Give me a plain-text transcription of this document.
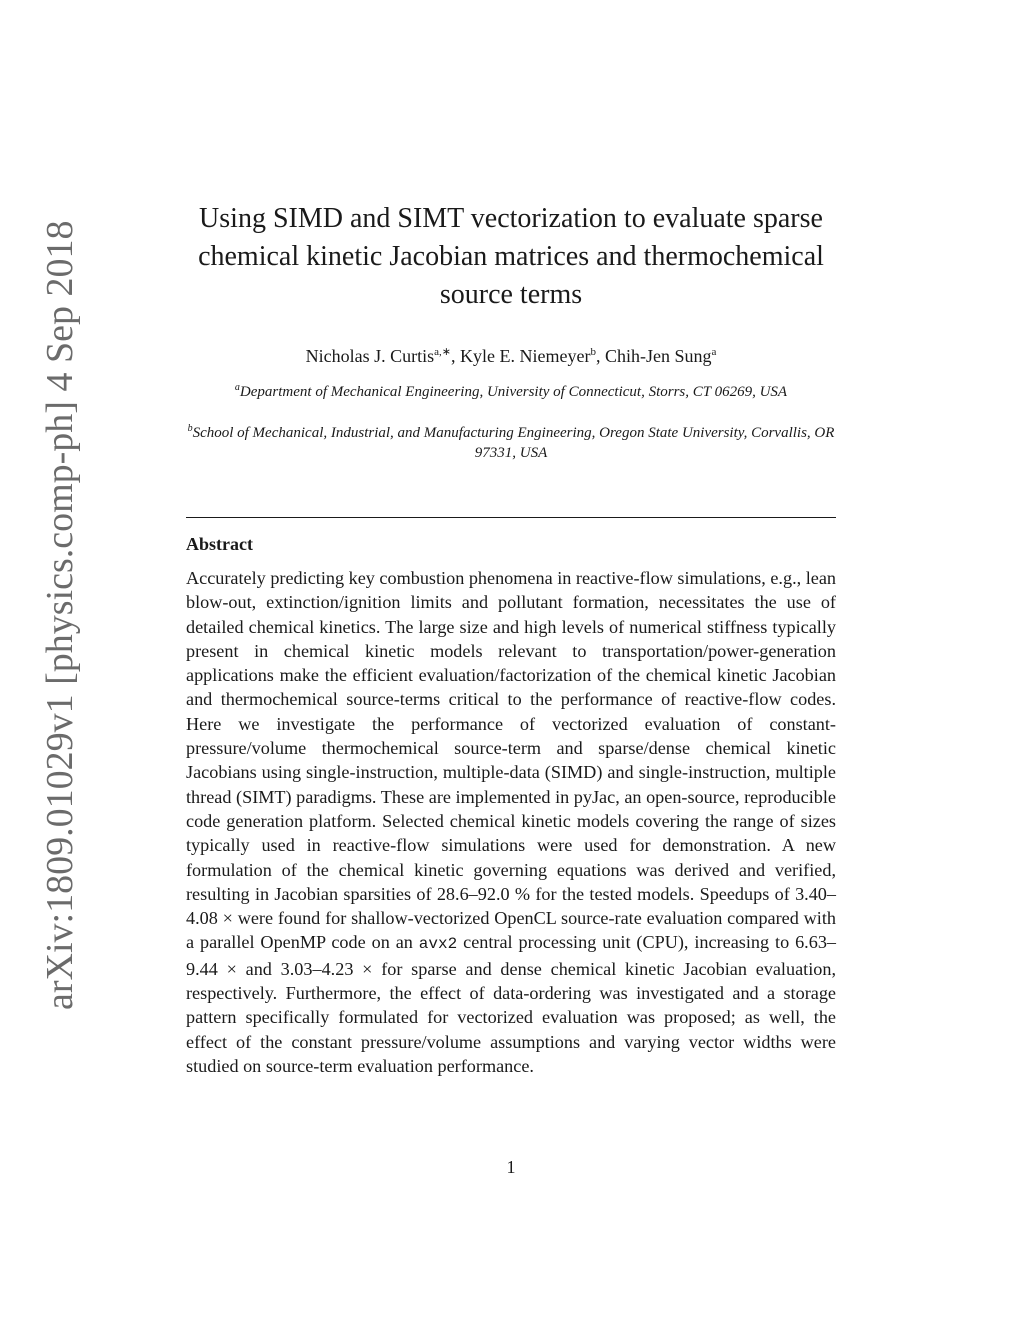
arXiv:1809.01029v1 [physics.comp-ph] 4 Sep 2018
Using SIMD and SIMT vectorization to evaluate sparse chemical kinetic Jacobian matrices and thermochemical source terms
Nicholas J. Curtis$^{a,∗}$, Kyle E. Niemeyer$^b$, Chih-Jen Sung$^a$
$^a$Department of Mechanical Engineering, University of Connecticut, Storrs, CT 06269, USA
$^b$School of Mechanical, Industrial, and Manufacturing Engineering, Oregon State University, Corvallis, OR 97331, USA
Abstract
Accurately predicting key combustion phenomena in reactive-flow simulations, e.g., lean blow-out, extinction/ignition limits and pollutant formation, necessitates the use of detailed chemical kinetics. The large size and high levels of numerical stiffness typically present in chemical kinetic models relevant to transportation/power-generation applications make the efficient evaluation/factorization of the chemical kinetic Jacobian and thermochemical source-terms critical to the performance of reactive-flow codes. Here we investigate the performance of vectorized evaluation of constant-pressure/volume thermochemical source-term and sparse/dense chemical kinetic Jacobians using single-instruction, multiple-data (SIMD) and single-instruction, multiple thread (SIMT) paradigms. These are implemented in pyJac, an open-source, reproducible code generation platform. Selected chemical kinetic models covering the range of sizes typically used in reactive-flow simulations were used for demonstration. A new formulation of the chemical kinetic governing equations was derived and verified, resulting in Jacobian sparsities of 28.6–92.0 % for the tested models. Speedups of 3.40–4.08 × were found for shallow-vectorized OpenCL source-rate evaluation compared with a parallel OpenMP code on an avx2 central processing unit (CPU), increasing to 6.63–9.44 × and 3.03–4.23 × for sparse and dense chemical kinetic Jacobian evaluation, respectively. Furthermore, the effect of data-ordering was investigated and a storage pattern specifically formulated for vectorized evaluation was proposed; as well, the effect of the constant pressure/volume assumptions and varying vector widths were studied on source-term evaluation performance.
1
